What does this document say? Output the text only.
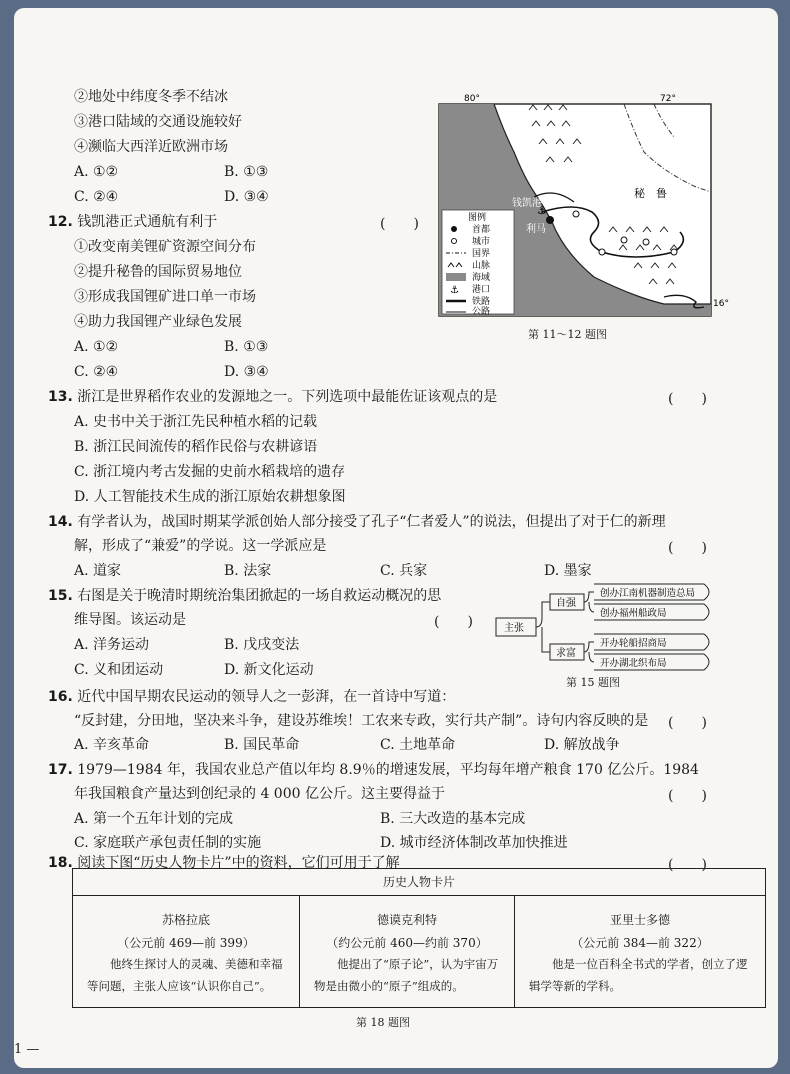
②地处中纬度冬季不结冰
③港口陆域的交通设施较好
④濒临大西洋近欧洲市场
A. ①②	B. ①③
C. ②④	D. ③④
12. 钱凯港正式通航有利于	(　　)
①改变南美锂矿资源空间分布
②提升秘鲁的国际贸易地位
③形成我国锂矿进口单一市场
④助力我国锂产业绿色发展
A. ①②	B. ①③
C. ②④	D. ③④
⚓
80°	72°
16°
秘　鲁
钱凯港
利马
图例
首都
城市
国界
山脉
海域
⚓ 港口
铁路
公路
第 11～12 题图
13. 浙江是世界稻作农业的发源地之一。下列选项中最能佐证该观点的是	(　　)
A. 史书中关于浙江先民种植水稻的记载
B. 浙江民间流传的稻作民俗与农耕谚语
C. 浙江境内考古发掘的史前水稻栽培的遗存
D. 人工智能技术生成的浙江原始农耕想象图
14. 有学者认为，战国时期某学派创始人部分接受了孔子“仁者爱人”的说法，但提出了对于仁的新理
解，形成了“兼爱”的学说。这一学派应是	(　　)
A. 道家	B. 法家	C. 兵家	D. 墨家
15. 右图是关于晚清时期统治集团掀起的一场自救运动概况的思
维导图。该运动是	(　　)
A. 洋务运动	B. 戊戌变法
C. 义和团运动	D. 新文化运动
主张
自强
求富
创办江南机器制造总局
创办福州船政局
开办轮船招商局
开办湖北织布局
第 15 题图
16. 近代中国早期农民运动的领导人之一彭湃，在一首诗中写道：
“反封建，分田地，坚决来斗争，建设苏维埃！工农来专政，实行共产制”。诗句内容反映的是 (　　)
A. 辛亥革命	B. 国民革命	C. 土地革命	D. 解放战争
17. 1979—1984 年，我国农业总产值以年均 8.9％的增速发展，平均每年增产粮食 170 亿公斤。1984
年我国粮食产量达到创纪录的 4 000 亿公斤。这主要得益于	(　　)
A. 第一个五年计划的完成	B. 三大改造的基本完成
C. 家庭联产承包责任制的实施	D. 城市经济体制改革加快推进
18. 阅读下图“历史人物卡片”中的资料，它们可用于了解	(　　)
历史人物卡片
苏格拉底
（公元前 469—前 399）
他终生探讨人的灵魂、美德和幸福等问题，主张人应该“认识你自己”。
德谟克利特
（约公元前 460—约前 370）
他提出了“原子论”，认为宇宙万物是由微小的“原子”组成的。
亚里士多德
（公元前 384—前 322）
他是一位百科全书式的学者，创立了逻辑学等新的学科。
第 18 题图
1 —
